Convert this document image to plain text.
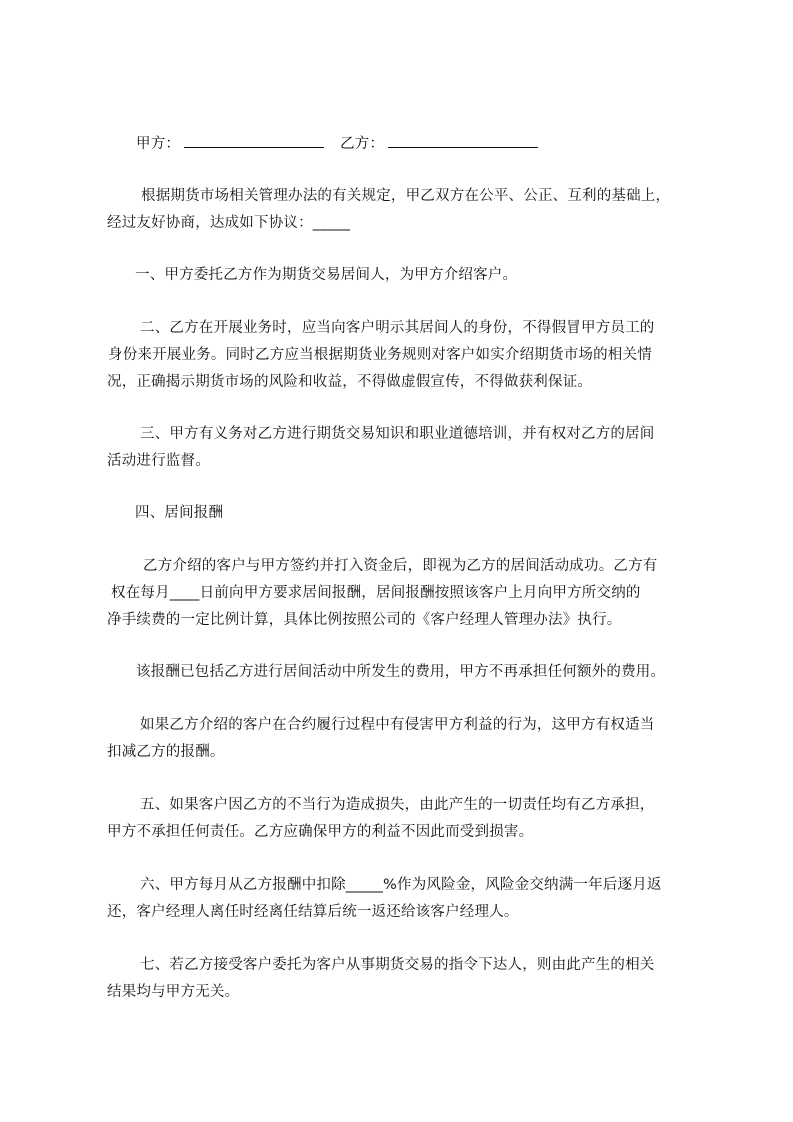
甲方：	乙方：
根据期货市场相关管理办法的有关规定，甲乙双方在公平、公正、互利的基础上，
经过友好协商，达成如下协议：_____
一、甲方委托乙方作为期货交易居间人，为甲方介绍客户。
二、乙方在开展业务时，应当向客户明示其居间人的身份，不得假冒甲方员工的
身份来开展业务。同时乙方应当根据期货业务规则对客户如实介绍期货市场的相关情
况，正确揭示期货市场的风险和收益，不得做虚假宣传，不得做获利保证。
三、甲方有义务对乙方进行期货交易知识和职业道德培训，并有权对乙方的居间
活动进行监督。
四、居间报酬
乙方介绍的客户与甲方签约并打入资金后，即视为乙方的居间活动成功。乙方有
权在每月____日前向甲方要求居间报酬，居间报酬按照该客户上月向甲方所交纳的
净手续费的一定比例计算，具体比例按照公司的《客户经理人管理办法》执行。
该报酬已包括乙方进行居间活动中所发生的费用，甲方不再承担任何额外的费用。
如果乙方介绍的客户在合约履行过程中有侵害甲方利益的行为，这甲方有权适当
扣减乙方的报酬。
五、如果客户因乙方的不当行为造成损失，由此产生的一切责任均有乙方承担，
甲方不承担任何责任。乙方应确保甲方的利益不因此而受到损害。
六、甲方每月从乙方报酬中扣除_____%作为风险金，风险金交纳满一年后逐月返
还，客户经理人离任时经离任结算后统一返还给该客户经理人。
七、若乙方接受客户委托为客户从事期货交易的指令下达人，则由此产生的相关
结果均与甲方无关。
